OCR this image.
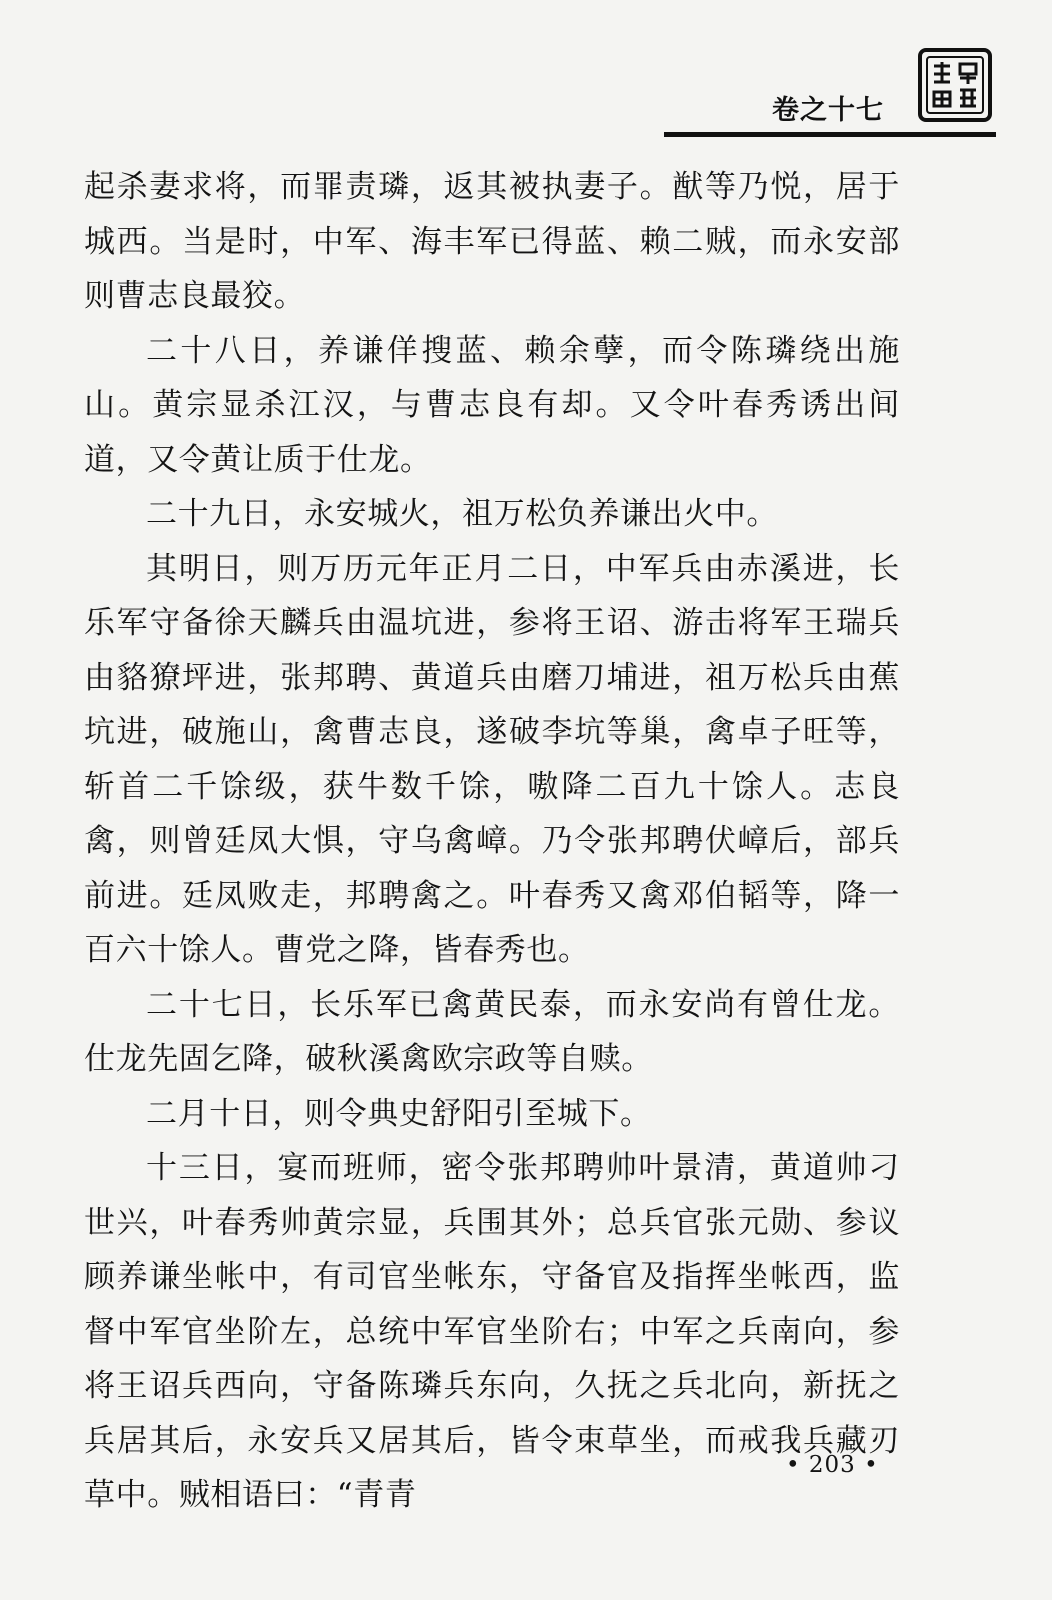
卷之十七

起杀妻求将，而罪责璘，返其被执妻子。猷等乃悦，居于城西。当是时，中军、海丰军已得蓝、赖二贼，而永安部则曹志良最狡。

二十八日，养谦佯搜蓝、赖余孽，而令陈璘绕出施山。黄宗显杀江汉，与曹志良有却。又令叶春秀诱出间道，又令黄让质于仕龙。

二十九日，永安城火，祖万松负养谦出火中。

其明日，则万历元年正月二日，中军兵由赤溪进，长乐军守备徐天麟兵由温坑进，参将王诏、游击将军王瑞兵由貉獠坪进，张邦聘、黄道兵由磨刀埔进，祖万松兵由蕉坑进，破施山，禽曹志良，遂破李坑等巢，禽卓子旺等，斩首二千馀级，获牛数千馀，嗷降二百九十馀人。志良禽，则曾廷凤大惧，守乌禽嶂。乃令张邦聘伏嶂后，部兵前进。廷凤败走，邦聘禽之。叶春秀又禽邓伯韬等，降一百六十馀人。曹党之降，皆春秀也。

二十七日，长乐军已禽黄民泰，而永安尚有曾仕龙。仕龙先固乞降，破秋溪禽欧宗政等自赎。

二月十日，则令典史舒阳引至城下。

十三日，宴而班师，密令张邦聘帅叶景清，黄道帅刁世兴，叶春秀帅黄宗显，兵围其外；总兵官张元勋、参议顾养谦坐帐中，有司官坐帐东，守备官及指挥坐帐西，监督中军官坐阶左，总统中军官坐阶右；中军之兵南向，参将王诏兵西向，守备陈璘兵东向，久抚之兵北向，新抚之兵居其后，永安兵又居其后，皆令束草坐，而戒我兵藏刃草中。贼相语曰：“青青

• 203 •
